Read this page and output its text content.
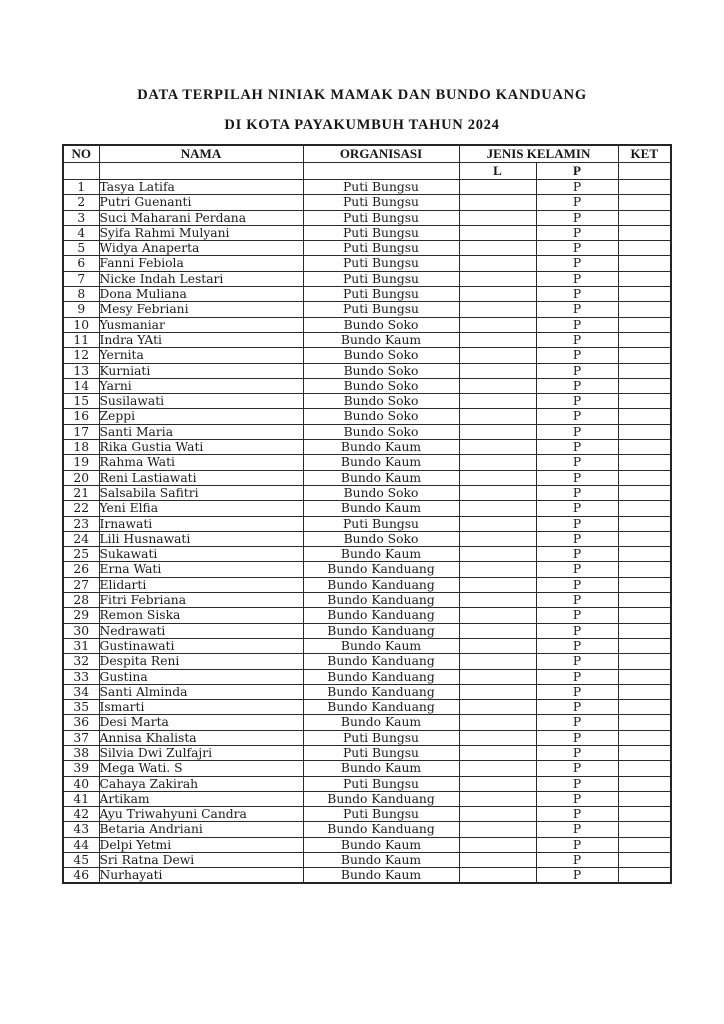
DATA TERPILAH NINIAK MAMAK DAN BUNDO KANDUANG
DI KOTA PAYAKUMBUH TAHUN 2024
NO	NAMA	ORGANISASI	JENIS KELAMIN		KET
			L	P	
1	Tasya Latifa	Puti Bungsu		P	
2	Putri Guenanti	Puti Bungsu		P	
3	Suci Maharani Perdana	Puti Bungsu		P	
4	Syifa Rahmi Mulyani	Puti Bungsu		P	
5	Widya Anaperta	Puti Bungsu		P	
6	Fanni Febiola	Puti Bungsu		P	
7	Nicke Indah Lestari	Puti Bungsu		P	
8	Dona Muliana	Puti Bungsu		P	
9	Mesy Febriani	Puti Bungsu		P	
10	Yusmaniar	Bundo Soko		P	
11	Indra YAti	Bundo Kaum		P	
12	Yernita	Bundo Soko		P	
13	Kurniati	Bundo Soko		P	
14	Yarni	Bundo Soko		P	
15	Susilawati	Bundo Soko		P	
16	Zeppi	Bundo Soko		P	
17	Santi Maria	Bundo Soko		P	
18	Rika Gustia Wati	Bundo Kaum		P	
19	Rahma Wati	Bundo Kaum		P	
20	Reni Lastiawati	Bundo Kaum		P	
21	Salsabila Safitri	Bundo Soko		P	
22	Yeni Elfia	Bundo Kaum		P	
23	Irnawati	Puti Bungsu		P	
24	Lili Husnawati	Bundo Soko		P	
25	Sukawati	Bundo Kaum		P	
26	Erna Wati	Bundo Kanduang		P	
27	Elidarti	Bundo Kanduang		P	
28	Fitri Febriana	Bundo Kanduang		P	
29	Remon Siska	Bundo Kanduang		P	
30	Nedrawati	Bundo Kanduang		P	
31	Gustinawati	Bundo Kaum		P	
32	Despita Reni	Bundo Kanduang		P	
33	Gustina	Bundo Kanduang		P	
34	Santi Alminda	Bundo Kanduang		P	
35	Ismarti	Bundo Kanduang		P	
36	Desi Marta	Bundo Kaum		P	
37	Annisa Khalista	Puti Bungsu		P	
38	Silvia Dwi Zulfajri	Puti Bungsu		P	
39	Mega Wati. S	Bundo Kaum		P	
40	Cahaya Zakirah	Puti Bungsu		P	
41	Artikam	Bundo Kanduang		P	
42	Ayu Triwahyuni Candra	Puti Bungsu		P	
43	Betaria Andriani	Bundo Kanduang		P	
44	Delpi Yetmi	Bundo Kaum		P	
45	Sri Ratna Dewi	Bundo Kaum		P	
46	Nurhayati	Bundo Kaum		P	
